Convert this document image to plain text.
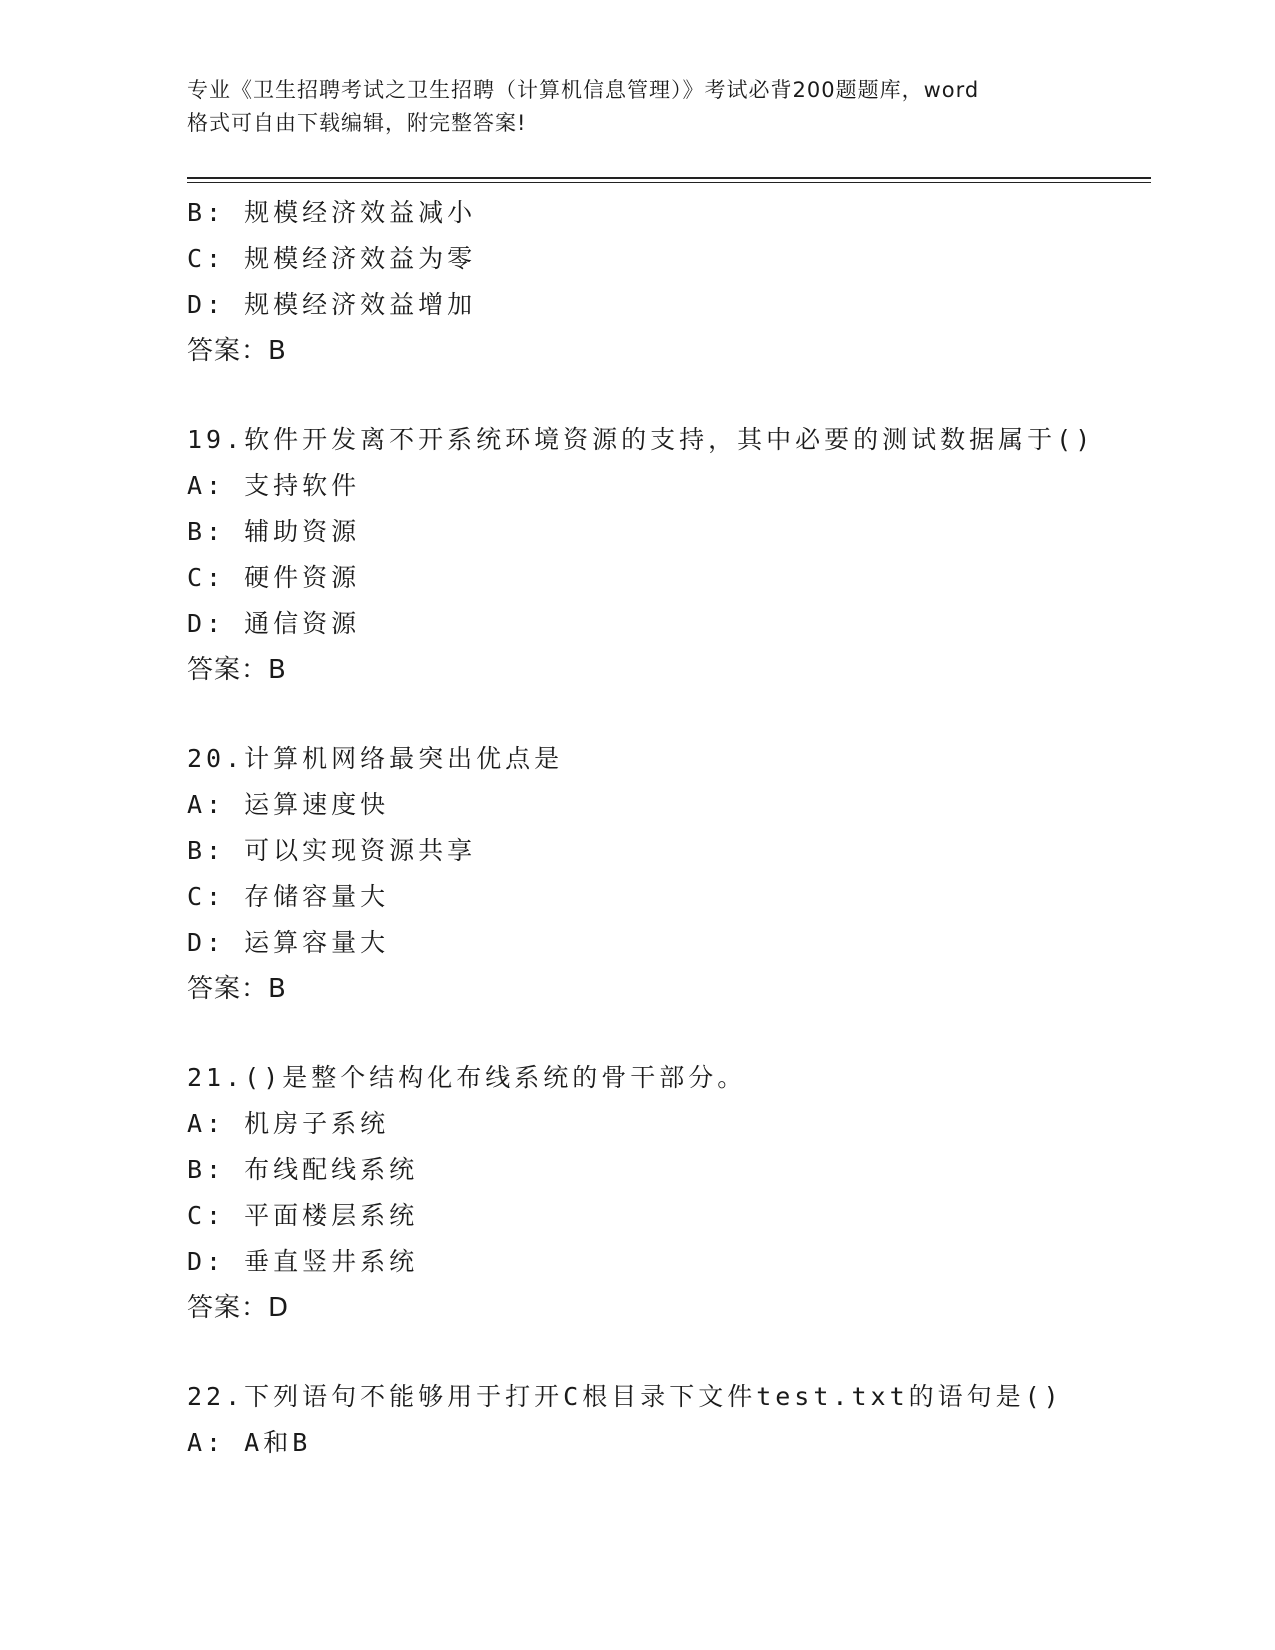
专业《卫生招聘考试之卫生招聘（计算机信息管理）》考试必背200题题库，word
格式可自由下载编辑，附完整答案!
B: 规模经济效益减小
C: 规模经济效益为零
D: 规模经济效益增加
答案：B
19.软件开发离不开系统环境资源的支持，其中必要的测试数据属于()
A: 支持软件
B: 辅助资源
C: 硬件资源
D: 通信资源
答案：B
20.计算机网络最突出优点是
A: 运算速度快
B: 可以实现资源共享
C: 存储容量大
D: 运算容量大
答案：B
21.()是整个结构化布线系统的骨干部分。
A: 机房子系统
B: 布线配线系统
C: 平面楼层系统
D: 垂直竖井系统
答案：D
22.下列语句不能够用于打开C根目录下文件test.txt的语句是()
A: A和B
